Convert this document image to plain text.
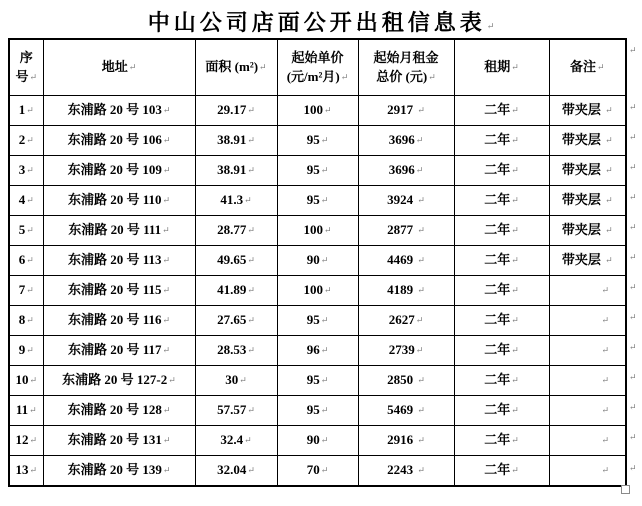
中山公司店面公开出租信息表↵
序
号↵	地址↵	面积 (m²)↵	起始单价
(元/m²月)↵	起始月租金
总价 (元)↵	租期↵	备注↵
1↵	东浦路 20 号 103↵	29.17↵	100↵	2917 ↵	二年↵	带夹层 ↵
2↵	东浦路 20 号 106↵	38.91↵	95↵	3696↵	二年↵	带夹层 ↵
3↵	东浦路 20 号 109↵	38.91↵	95↵	3696↵	二年↵	带夹层 ↵
4↵	东浦路 20 号 110↵	41.3↵	95↵	3924 ↵	二年↵	带夹层 ↵
5↵	东浦路 20 号 111↵	28.77↵	100↵	2877 ↵	二年↵	带夹层 ↵
6↵	东浦路 20 号 113↵	49.65↵	90↵	4469 ↵	二年↵	带夹层 ↵
7↵	东浦路 20 号 115↵	41.89↵	100↵	4189 ↵	二年↵	↵
8↵	东浦路 20 号 116↵	27.65↵	95↵	2627↵	二年↵	↵
9↵	东浦路 20 号 117↵	28.53↵	96↵	2739↵	二年↵	↵
10↵	东浦路 20 号 127-2↵	30↵	95↵	2850 ↵	二年↵	↵
11↵	东浦路 20 号 128↵	57.57↵	95↵	5469 ↵	二年↵	↵
12↵	东浦路 20 号 131↵	32.4↵	90↵	2916 ↵	二年↵	↵
13↵	东浦路 20 号 139↵	32.04↵	70↵	2243 ↵	二年↵	↵
↵
↵
↵
↵
↵
↵
↵
↵
↵
↵
↵
↵
↵
↵
